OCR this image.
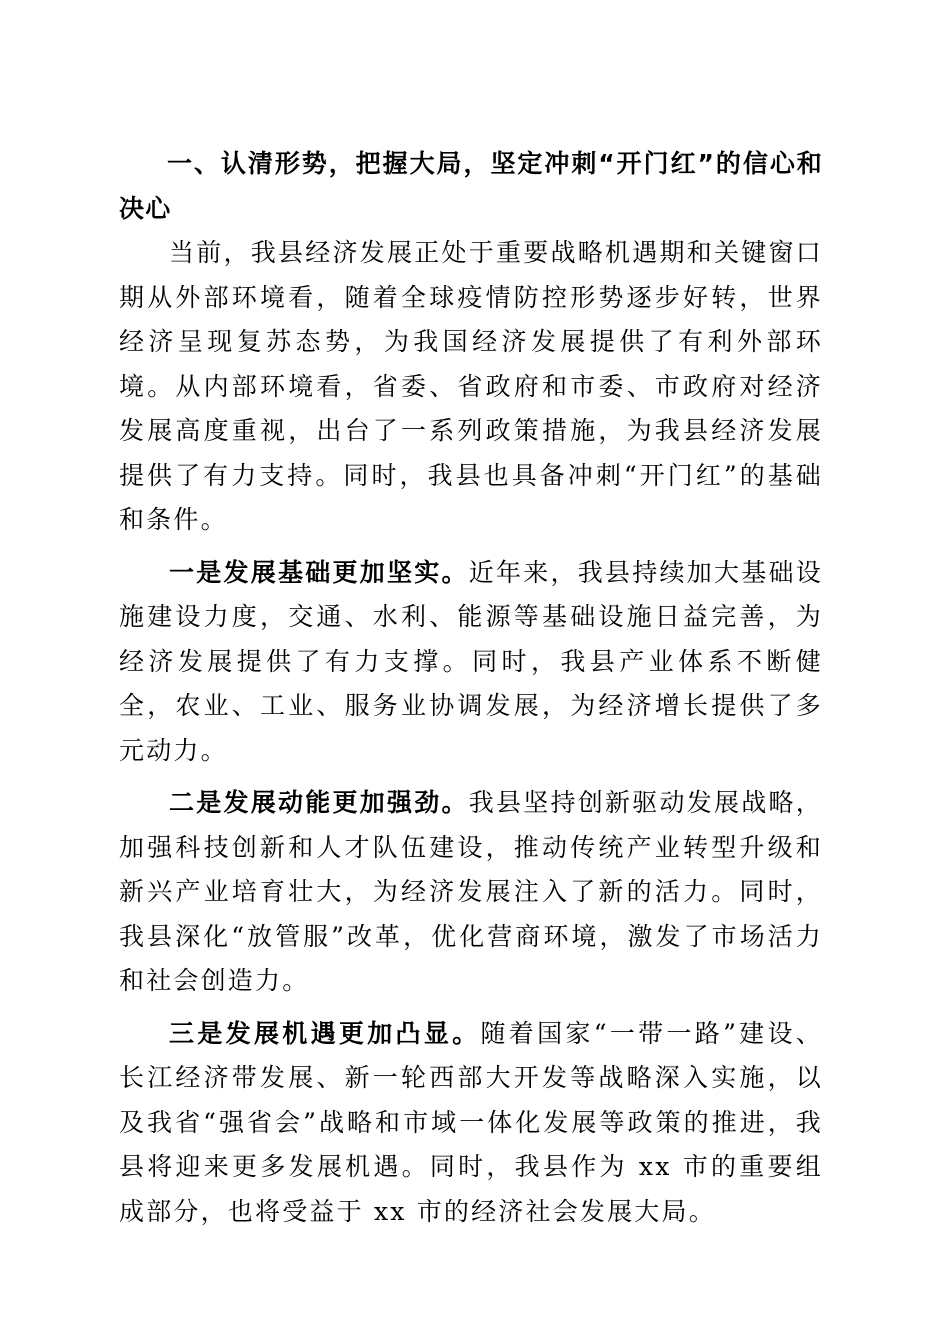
一、认清形势，把握大局，坚定冲刺“开门红”的信心和决心

当前，我县经济发展正处于重要战略机遇期和关键窗口期从外部环境看，随着全球疫情防控形势逐步好转，世界经济呈现复苏态势，为我国经济发展提供了有利外部环境。从内部环境看，省委、省政府和市委、市政府对经济发展高度重视，出台了一系列政策措施，为我县经济发展提供了有力支持。同时，我县也具备冲刺“开门红”的基础和条件。

一是发展基础更加坚实。近年来，我县持续加大基础设施建设力度，交通、水利、能源等基础设施日益完善，为经济发展提供了有力支撑。同时，我县产业体系不断健全，农业、工业、服务业协调发展，为经济增长提供了多元动力。

二是发展动能更加强劲。我县坚持创新驱动发展战略，加强科技创新和人才队伍建设，推动传统产业转型升级和新兴产业培育壮大，为经济发展注入了新的活力。同时，我县深化“放管服”改革，优化营商环境，激发了市场活力和社会创造力。

三是发展机遇更加凸显。随着国家“一带一路”建设、长江经济带发展、新一轮西部大开发等战略深入实施，以及我省“强省会”战略和市域一体化发展等政策的推进，我县将迎来更多发展机遇。同时，我县作为 xx 市的重要组成部分，也将受益于 xx 市的经济社会发展大局。
